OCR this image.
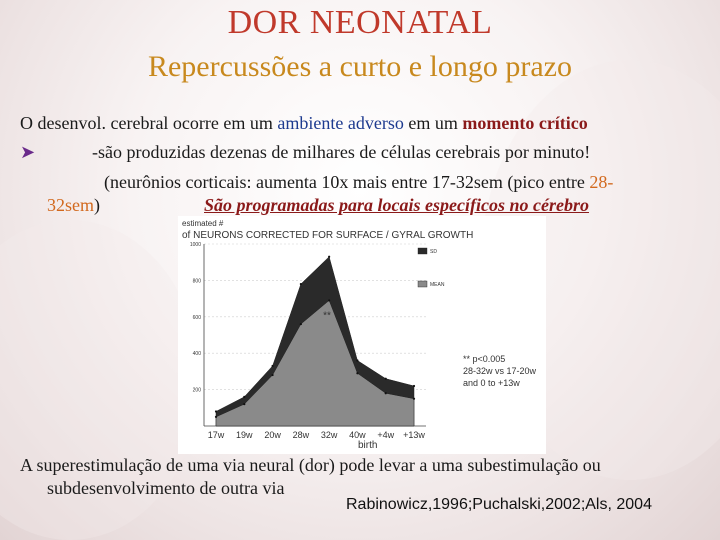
DOR NEONATAL
Repercussões a curto e longo prazo
O desenvol. cerebral ocorre em um ambiente adverso em um momento crítico
➤	-são produzidas dezenas de milhares de células cerebrais por minuto!
(neurônios corticais: aumenta 10x mais entre 17-32sem (pico entre 28-
32sem)	São programadas para locais específicos no cérebro
estimated #
of NEURONS CORRECTED FOR SURFACE / GYRAL GROWTH
SD
MEAN
** p<0.005
28-32w vs 17-20w
and 0 to +13w
birth
1000
800
600
400
200
**
17w 19w 20w 28w 32w 40w +4w +13w
A superestimulação de uma via neural (dor) pode levar a uma subestimulação ou
subdesenvolvimento de outra via
Rabinowicz,1996;Puchalski,2002;Als, 2004
